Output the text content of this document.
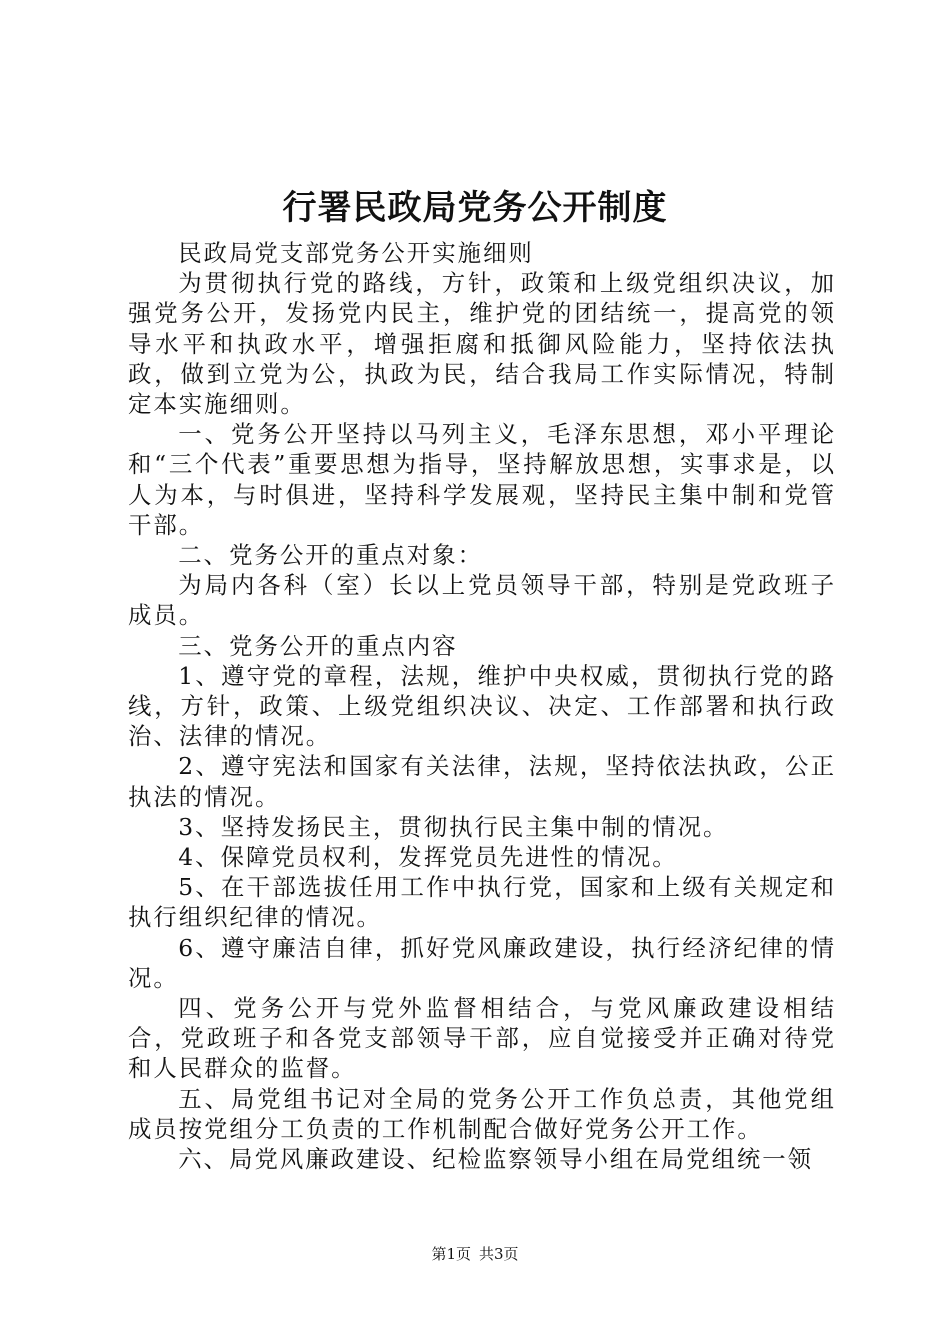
行署民政局党务公开制度

民政局党支部党务公开实施细则

为贯彻执行党的路线，方针，政策和上级党组织决议，加强党务公开，发扬党内民主，维护党的团结统一，提高党的领导水平和执政水平，增强拒腐和抵御风险能力，坚持依法执政，做到立党为公，执政为民，结合我局工作实际情况，特制定本实施细则。

一、党务公开坚持以马列主义，毛泽东思想，邓小平理论和“三个代表”重要思想为指导，坚持解放思想，实事求是，以人为本，与时俱进，坚持科学发展观，坚持民主集中制和党管干部。

二、党务公开的重点对象：

为局内各科（室）长以上党员领导干部，特别是党政班子成员。

三、党务公开的重点内容

1、遵守党的章程，法规，维护中央权威，贯彻执行党的路线，方针，政策、上级党组织决议、决定、工作部署和执行政治、法律的情况。

2、遵守宪法和国家有关法律，法规，坚持依法执政，公正执法的情况。

3、坚持发扬民主，贯彻执行民主集中制的情况。

4、保障党员权利，发挥党员先进性的情况。

5、在干部选拔任用工作中执行党，国家和上级有关规定和执行组织纪律的情况。

6、遵守廉洁自律，抓好党风廉政建设，执行经济纪律的情况。

四、党务公开与党外监督相结合，与党风廉政建设相结合，党政班子和各党支部领导干部，应自觉接受并正确对待党和人民群众的监督。

五、局党组书记对全局的党务公开工作负总责，其他党组成员按党组分工负责的工作机制配合做好党务公开工作。

六、局党风廉政建设、纪检监察领导小组在局党组统一领

第1页 共3页
